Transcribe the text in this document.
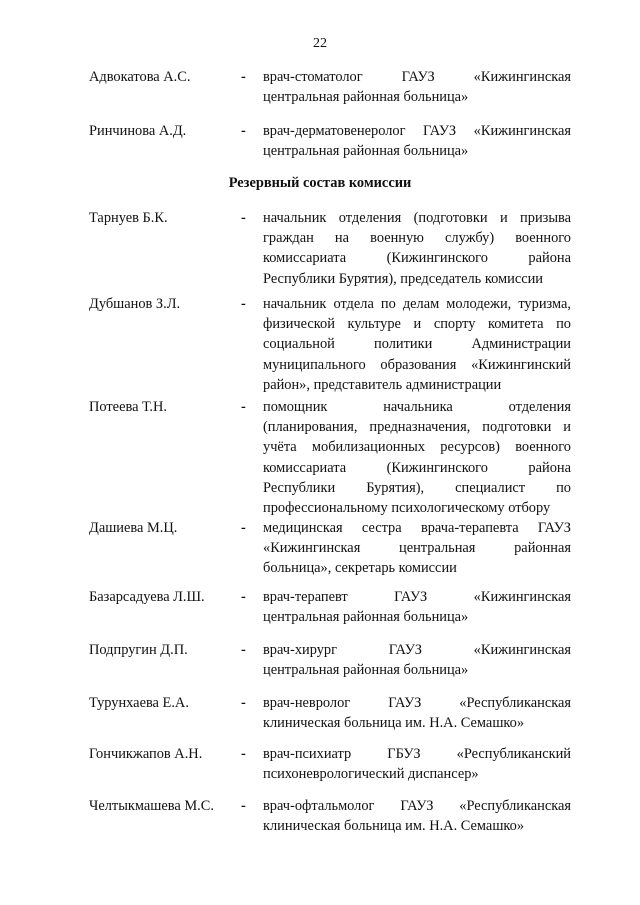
22
Адвокатова А.С.	- врач-стоматолог ГАУЗ «Кижингинская
центральная районная больница»
Ринчинова А.Д.	- врач-дерматовенеролог ГАУЗ «Кижингинская
центральная районная больница»
Резервный состав комиссии
Тарнуев Б.К.	- начальник отделения (подготовки и призыва
граждан на военную службу) военного
комиссариата (Кижингинского района
Республики Бурятия), председатель комиссии
Дубшанов З.Л.	- начальник отдела по делам молодежи, туризма,
физической культуре и спорту комитета по
социальной политики Администрации
муниципального образования «Кижингинский
район», представитель администрации
Потеева Т.Н.	- помощник начальника отделения
(планирования, предназначения, подготовки и
учёта мобилизационных ресурсов) военного
комиссариата (Кижингинского района
Республики Бурятия), специалист по
профессиональному психологическому отбору
Дашиева М.Ц.	- медицинская сестра врача-терапевта ГАУЗ
«Кижингинская центральная районная
больница», секретарь комиссии
Базарсадуева Л.Ш.	- врач-терапевт ГАУЗ «Кижингинская
центральная районная больница»
Подпругин Д.П.	- врач-хирург ГАУЗ «Кижингинская
центральная районная больница»
Турунхаева Е.А.	- врач-невролог ГАУЗ «Республиканская
клиническая больница им. Н.А. Семашко»
Гончикжапов А.Н.	- врач-психиатр ГБУЗ «Республиканский
психоневрологический диспансер»
Челтыкмашева М.С. - врач-офтальмолог ГАУЗ «Республиканская
клиническая больница им. Н.А. Семашко»
